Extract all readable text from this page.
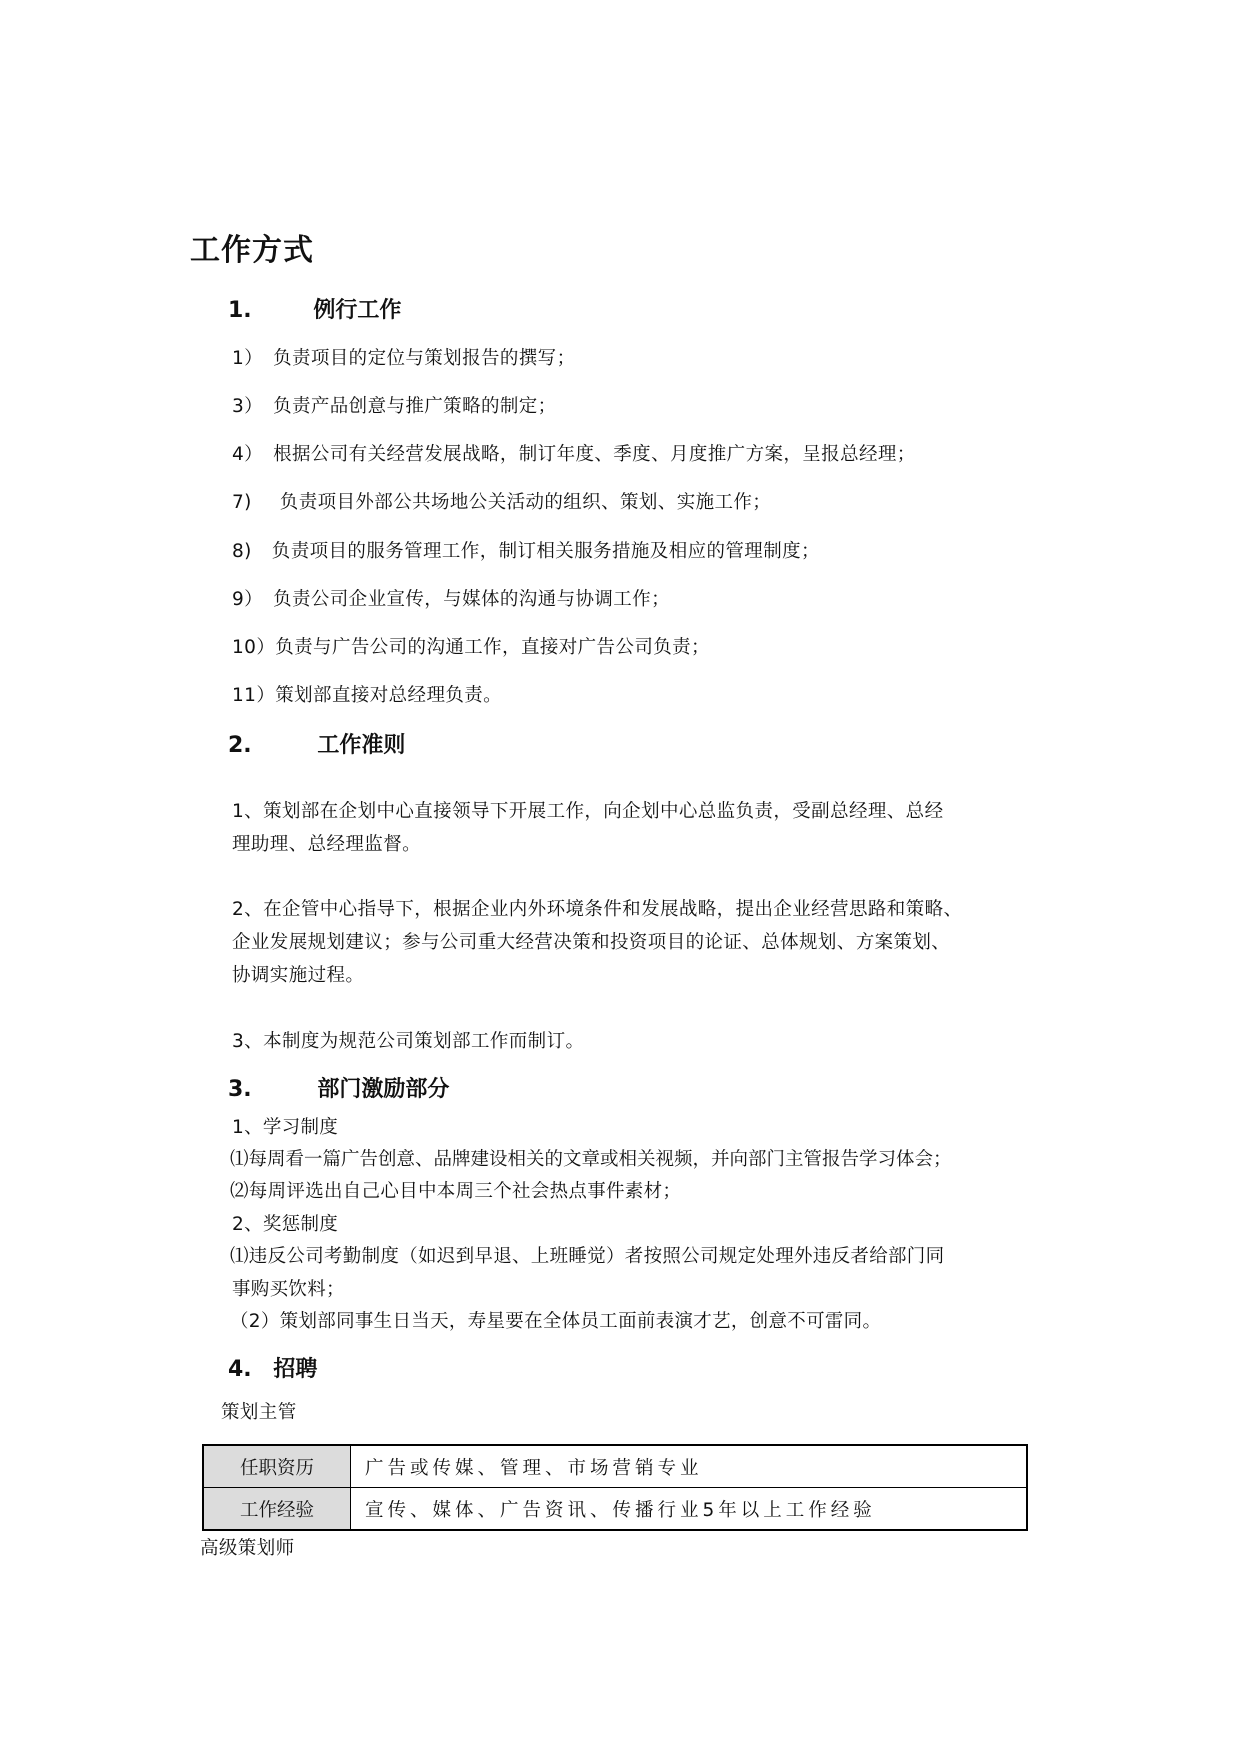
工作方式
1.	例行工作
1） 负责项目的定位与策划报告的撰写；
3） 负责产品创意与推广策略的制定；
4） 根据公司有关经营发展战略，制订年度、季度、月度推广方案，呈报总经理；
7) 负责项目外部公共场地公关活动的组织、策划、实施工作；
8) 负责项目的服务管理工作，制订相关服务措施及相应的管理制度；
9） 负责公司企业宣传，与媒体的沟通与协调工作；
10）负责与广告公司的沟通工作，直接对广告公司负责；
11）策划部直接对总经理负责。
2.	工作准则
1、策划部在企划中心直接领导下开展工作，向企划中心总监负责，受副总经理、总经
理助理、总经理监督。
2、在企管中心指导下，根据企业内外环境条件和发展战略，提出企业经营思路和策略、
企业发展规划建议；参与公司重大经营决策和投资项目的论证、总体规划、方案策划、
协调实施过程。
3、本制度为规范公司策划部工作而制订。
3.	部门激励部分
1、学习制度
⑴每周看一篇广告创意、品牌建设相关的文章或相关视频，并向部门主管报告学习体会；
⑵每周评选出自己心目中本周三个社会热点事件素材；
2、奖惩制度
⑴违反公司考勤制度（如迟到早退、上班睡觉）者按照公司规定处理外违反者给部门同
事购买饮料；
（2）策划部同事生日当天，寿星要在全体员工面前表演才艺，创意不可雷同。
4. 招聘
策划主管
任职资历	广告或传媒、管理、市场营销专业
工作经验	宣传、媒体、广告资讯、传播行业5年以上工作经验
高级策划师
